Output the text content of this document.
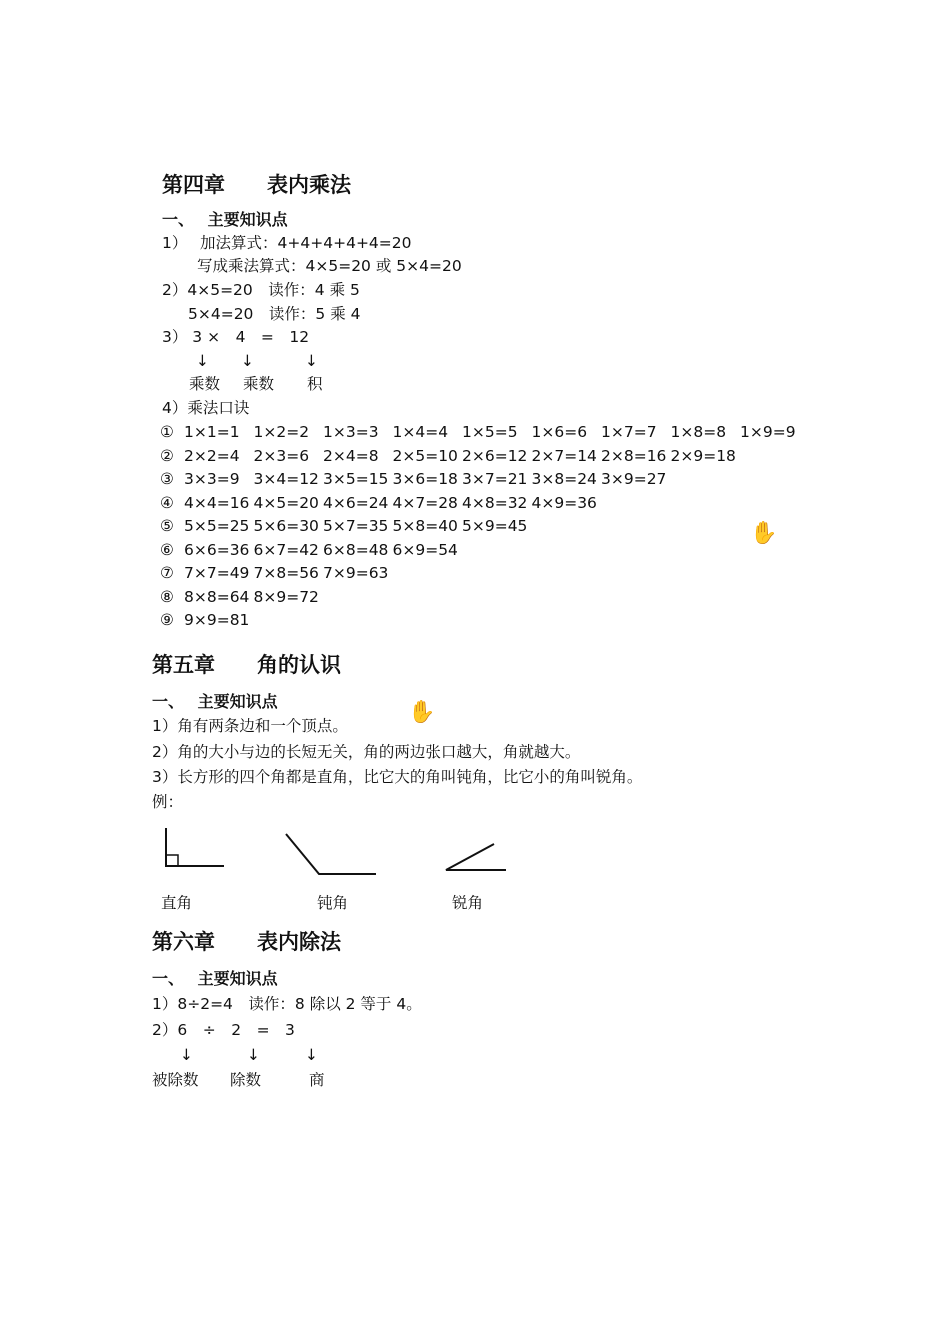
第四章　　表内乘法
一、　 主要知识点
1）　 加法算式：4+4+4+4+4=20
写成乘法算式：4×5=20 或 5×4=20
2）4×5=20　读作：4 乘 5
5×4=20　读作：5 乘 4
3） 3 ×　4　=　12
↓ ↓	↓
乘数 乘数 积
4）乘法口诀
① 1×1=1 1×2=2 1×3=3 1×4=4 1×5=5 1×6=6 1×7=7 1×8=8 1×9=9
② 2×2=4 2×3=6 2×4=8 2×5=10 2×6=12 2×7=14 2×8=16 2×9=18
③ 3×3=9 3×4=12 3×5=15 3×6=18 3×7=21 3×8=24 3×9=27
④ 4×4=16 4×5=20 4×6=24 4×7=28 4×8=32 4×9=36
⑤ 5×5=25 5×6=30 5×7=35 5×8=40 5×9=45
⑥ 6×6=36 6×7=42 6×8=48 6×9=54
⑦ 7×7=49 7×8=56 7×9=63
⑧ 8×8=64 8×9=72
⑨ 9×9=81
✋
✋
第五章　　角的认识
一、　 主要知识点
1）角有两条边和一个顶点。
2）角的大小与边的长短无关，角的两边张口越大，角就越大。
3）长方形的四个角都是直角，比它大的角叫钝角，比它小的角叫锐角。
例：
直角	钝角	锐角
第六章　　表内除法
一、　 主要知识点
1）8÷2=4　读作：8 除以 2 等于 4。
2）6　÷　2　=　3
↓	↓	↓
被除数 除数	商
